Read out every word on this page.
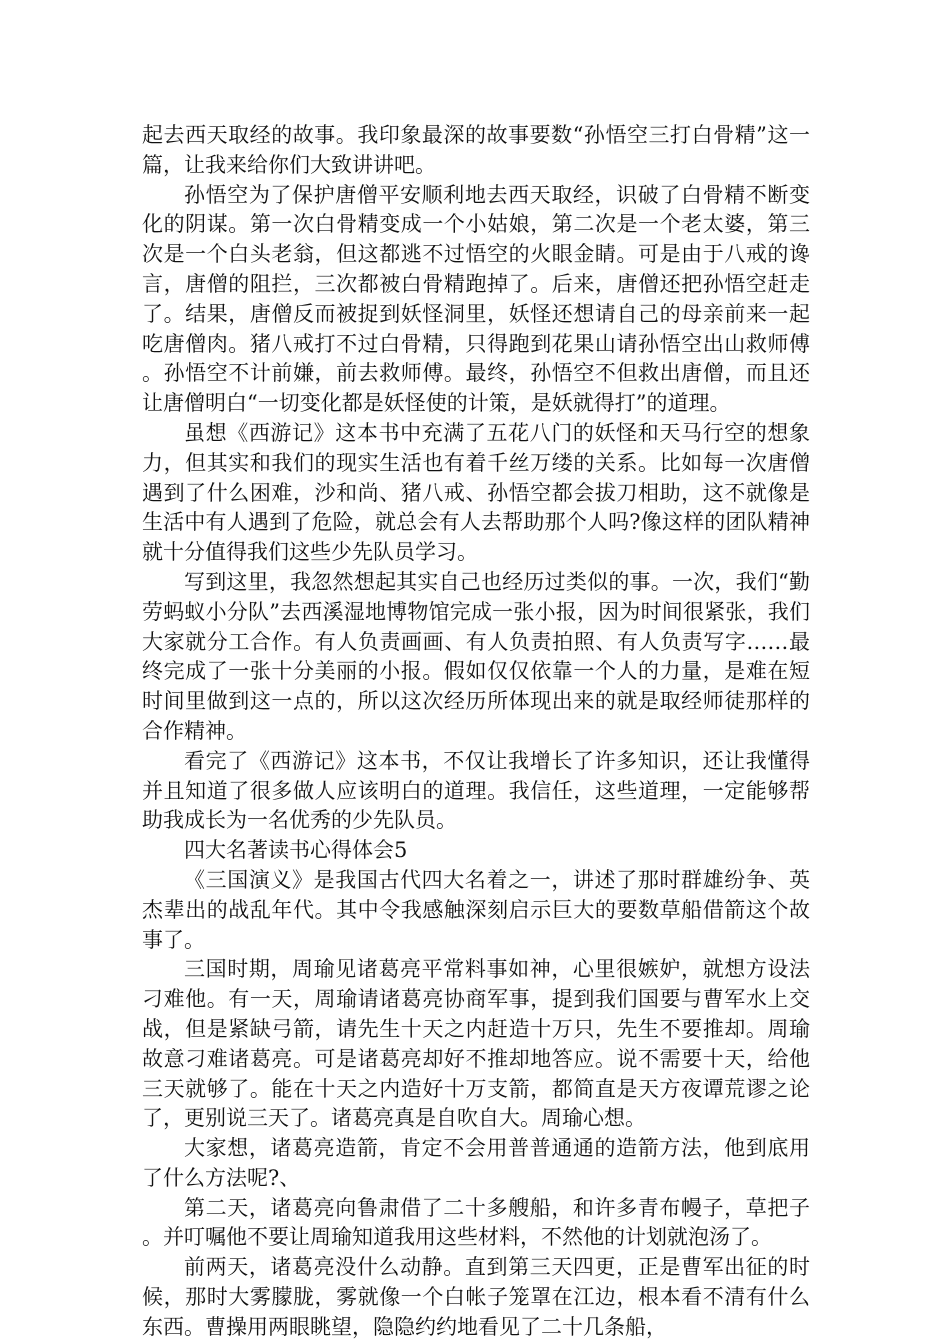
起去西天取经的故事。我印象最深的故事要数“孙悟空三打白骨精”这一篇，让我来给你们大致讲讲吧。

孙悟空为了保护唐僧平安顺利地去西天取经，识破了白骨精不断变化的阴谋。第一次白骨精变成一个小姑娘，第二次是一个老太婆，第三次是一个白头老翁，但这都逃不过悟空的火眼金睛。可是由于八戒的谗言，唐僧的阻拦，三次都被白骨精跑掉了。后来，唐僧还把孙悟空赶走了。结果，唐僧反而被捉到妖怪洞里，妖怪还想请自己的母亲前来一起吃唐僧肉。猪八戒打不过白骨精，只得跑到花果山请孙悟空出山救师傅。孙悟空不计前嫌，前去救师傅。最终，孙悟空不但救出唐僧，而且还让唐僧明白“一切变化都是妖怪使的计策，是妖就得打”的道理。

虽想《西游记》这本书中充满了五花八门的妖怪和天马行空的想象力，但其实和我们的现实生活也有着千丝万缕的关系。比如每一次唐僧遇到了什么困难，沙和尚、猪八戒、孙悟空都会拔刀相助，这不就像是生活中有人遇到了危险，就总会有人去帮助那个人吗?像这样的团队精神就十分值得我们这些少先队员学习。

写到这里，我忽然想起其实自己也经历过类似的事。一次，我们“勤劳蚂蚁小分队”去西溪湿地博物馆完成一张小报，因为时间很紧张，我们大家就分工合作。有人负责画画、有人负责拍照、有人负责写字……最终完成了一张十分美丽的小报。假如仅仅依靠一个人的力量，是难在短时间里做到这一点的，所以这次经历所体现出来的就是取经师徒那样的合作精神。

看完了《西游记》这本书，不仅让我增长了许多知识，还让我懂得并且知道了很多做人应该明白的道理。我信任，这些道理，一定能够帮助我成长为一名优秀的少先队员。

四大名著读书心得体会5

《三国演义》是我国古代四大名着之一，讲述了那时群雄纷争、英杰辈出的战乱年代。其中令我感触深刻启示巨大的要数草船借箭这个故事了。

三国时期，周瑜见诸葛亮平常料事如神，心里很嫉妒，就想方设法刁难他。有一天，周瑜请诸葛亮协商军事，提到我们国要与曹军水上交战，但是紧缺弓箭，请先生十天之内赶造十万只，先生不要推却。周瑜故意刁难诸葛亮。可是诸葛亮却好不推却地答应。说不需要十天，给他三天就够了。能在十天之内造好十万支箭，都简直是天方夜谭荒谬之论了，更别说三天了。诸葛亮真是自吹自大。周瑜心想。

大家想，诸葛亮造箭，肯定不会用普普通通的造箭方法，他到底用了什么方法呢?、

第二天，诸葛亮向鲁肃借了二十多艘船，和许多青布幔子，草把子。并叮嘱他不要让周瑜知道我用这些材料，不然他的计划就泡汤了。

前两天，诸葛亮没什么动静。直到第三天四更，正是曹军出征的时候，那时大雾朦胧，雾就像一个白帐子笼罩在江边，根本看不清有什么东西。曹操用两眼眺望，隐隐约约地看见了二十几条船，
